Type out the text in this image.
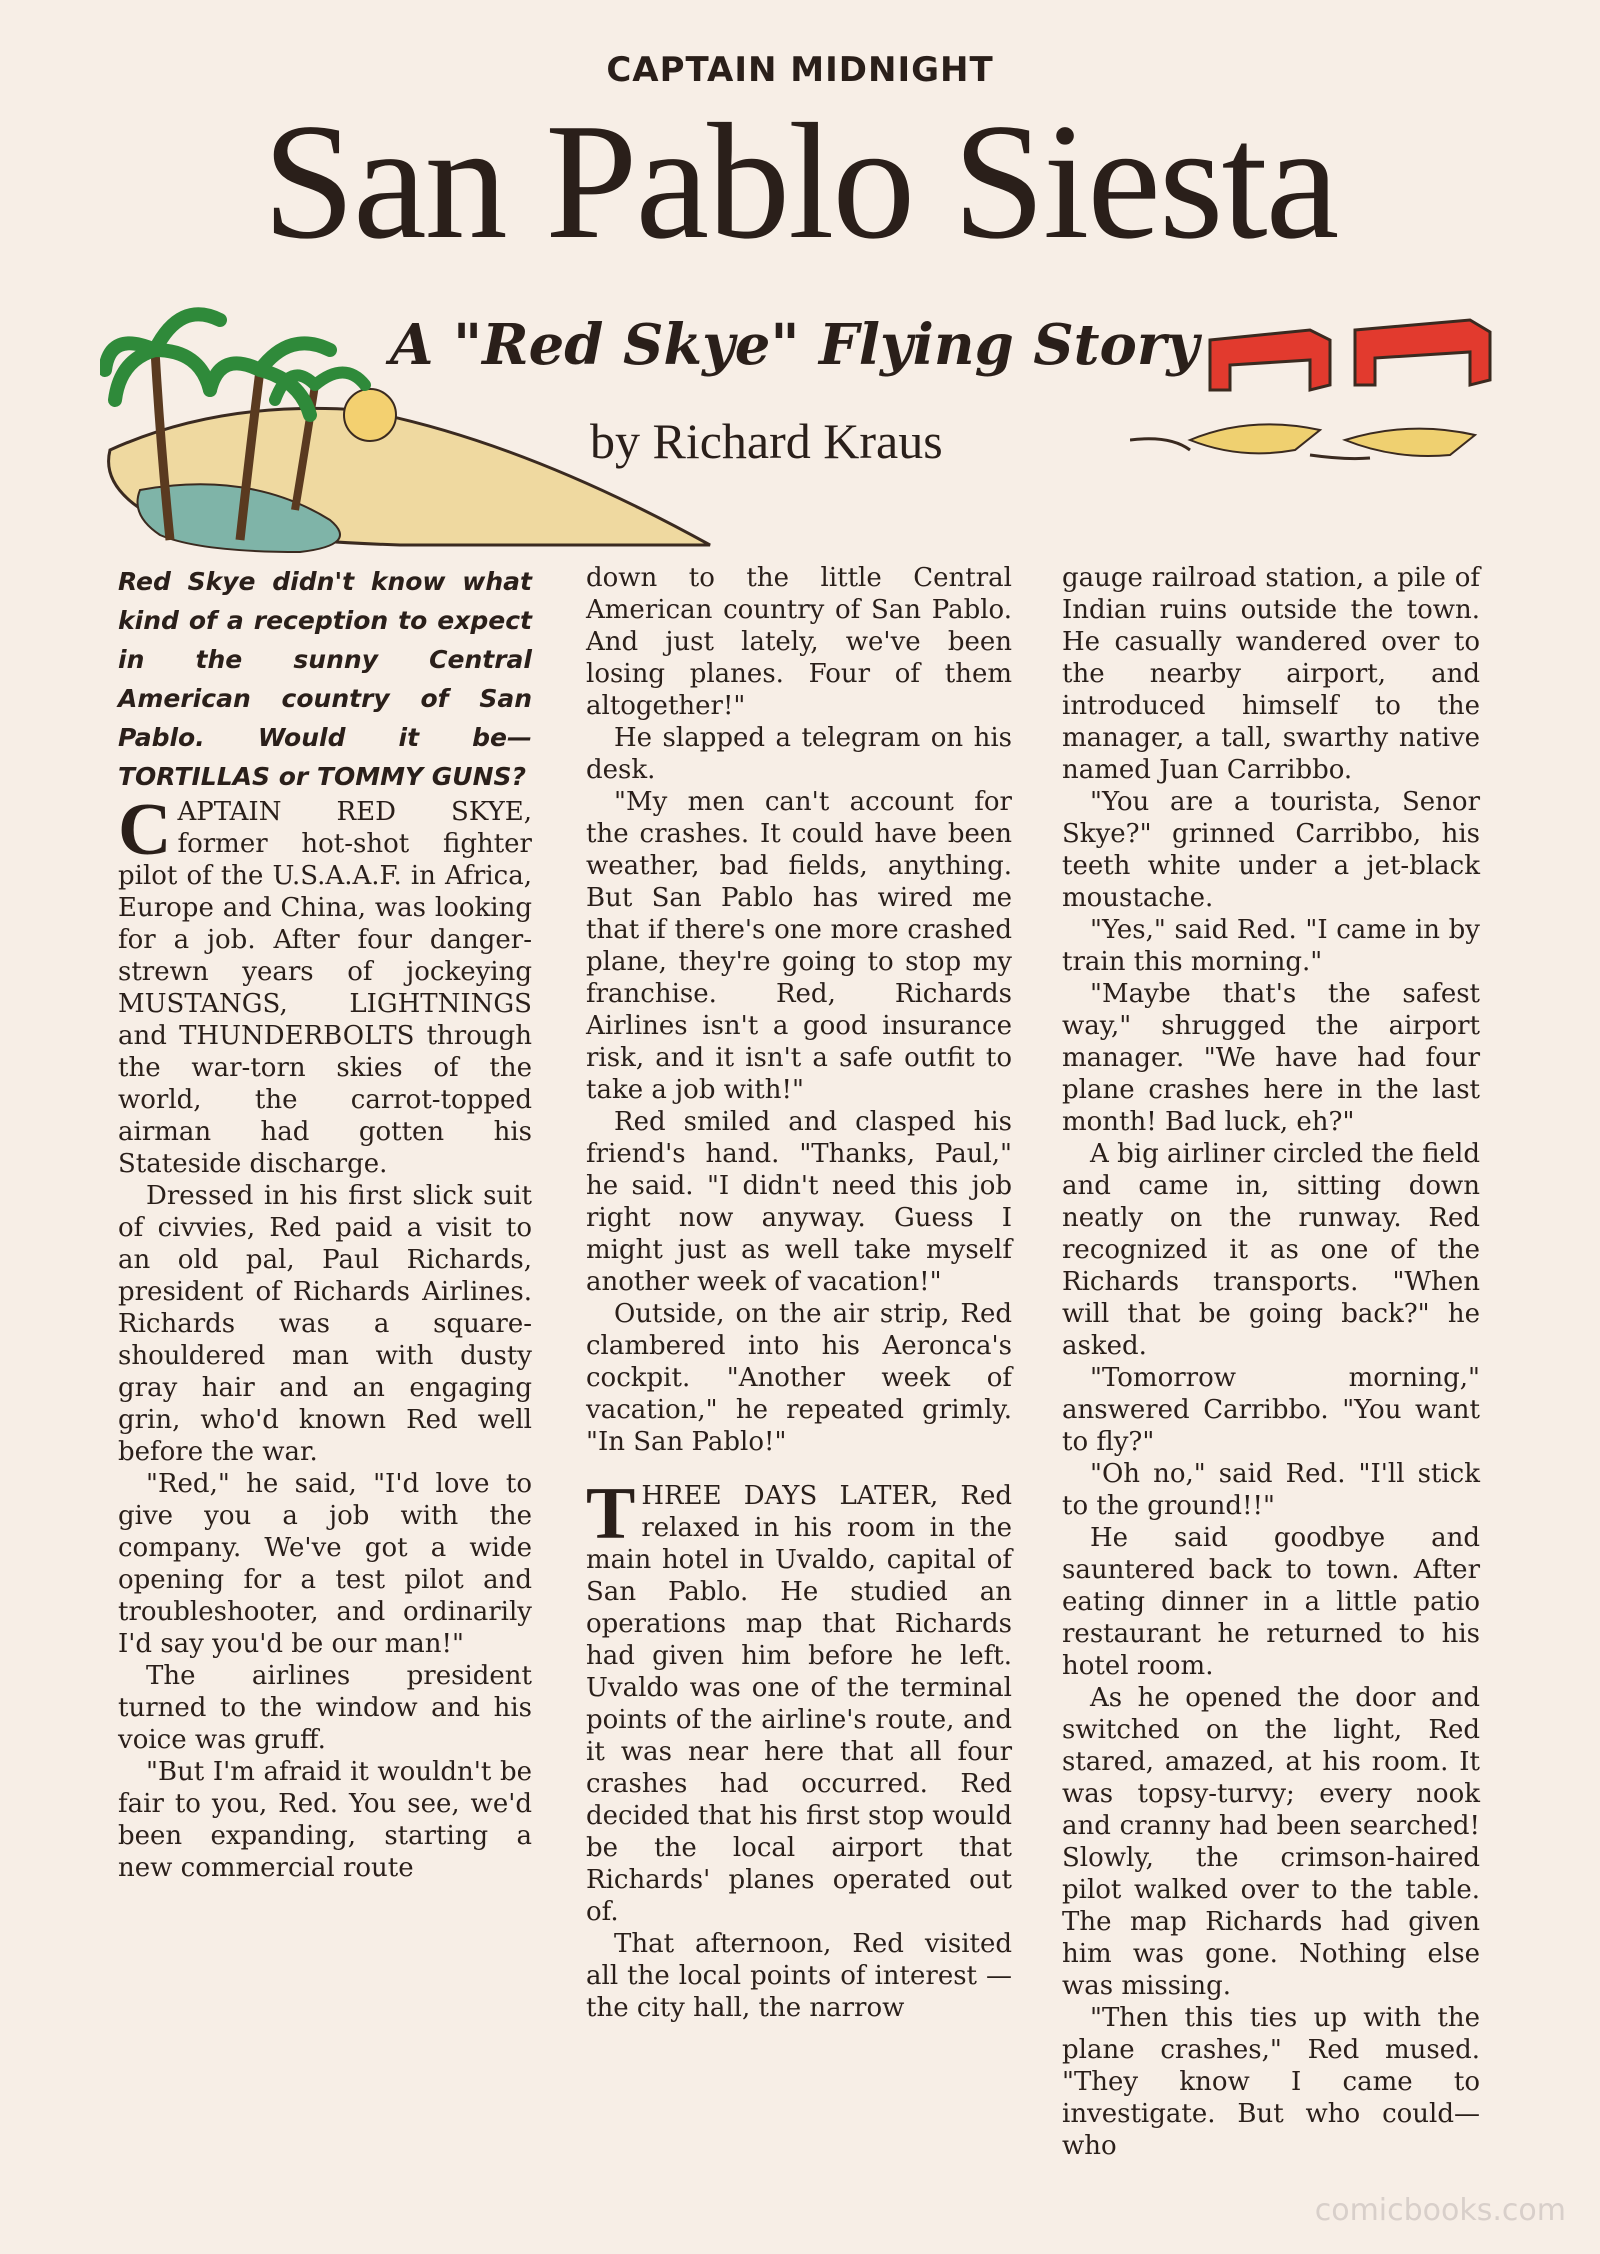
CAPTAIN MIDNIGHT
San Pablo Siesta
A "Red Skye" Flying Story
by Richard Kraus

Red Skye didn't know what kind of a reception to expect in the sunny Central American country of San Pablo. Would it be—TORTILLAS or TOMMY GUNS?

CAPTAIN RED SKYE, former hot-shot fighter pilot of the U.S.A.A.F. in Africa, Europe and China, was looking for a job. After four danger-strewn years of jockeying MUSTANGS, LIGHTNINGS and THUNDERBOLTS through the war-torn skies of the world, the carrot-topped airman had gotten his Stateside discharge.

Dressed in his first slick suit of civvies, Red paid a visit to an old pal, Paul Richards, president of Richards Airlines. Richards was a square-shouldered man with dusty gray hair and an engaging grin, who'd known Red well before the war.

"Red," he said, "I'd love to give you a job with the company. We've got a wide opening for a test pilot and troubleshooter, and ordinarily I'd say you'd be our man!"

The airlines president turned to the window and his voice was gruff.

"But I'm afraid it wouldn't be fair to you, Red. You see, we'd been expanding, starting a new commercial route

down to the little Central American country of San Pablo. And just lately, we've been losing planes. Four of them altogether!"

He slapped a telegram on his desk.

"My men can't account for the crashes. It could have been weather, bad fields, anything. But San Pablo has wired me that if there's one more crashed plane, they're going to stop my franchise. Red, Richards Airlines isn't a good insurance risk, and it isn't a safe outfit to take a job with!"

Red smiled and clasped his friend's hand. "Thanks, Paul," he said. "I didn't need this job right now anyway. Guess I might just as well take myself another week of vacation!"

Outside, on the air strip, Red clambered into his Aeronca's cockpit. "Another week of vacation," he repeated grimly. "In San Pablo!"

THREE DAYS LATER, Red relaxed in his room in the main hotel in Uvaldo, capital of San Pablo. He studied an operations map that Richards had given him before he left. Uvaldo was one of the terminal points of the airline's route, and it was near here that all four crashes had occurred. Red decided that his first stop would be the local airport that Richards' planes operated out of.

That afternoon, Red visited all the local points of interest —the city hall, the narrow

gauge railroad station, a pile of Indian ruins outside the town. He casually wandered over to the nearby airport, and introduced himself to the manager, a tall, swarthy native named Juan Carribbo.

"You are a tourista, Senor Skye?" grinned Carribbo, his teeth white under a jet-black moustache.

"Yes," said Red. "I came in by train this morning."

"Maybe that's the safest way," shrugged the airport manager. "We have had four plane crashes here in the last month! Bad luck, eh?"

A big airliner circled the field and came in, sitting down neatly on the runway. Red recognized it as one of the Richards transports. "When will that be going back?" he asked.

"Tomorrow morning," answered Carribbo. "You want to fly?"

"Oh no," said Red. "I'll stick to the ground!!"

He said goodbye and sauntered back to town. After eating dinner in a little patio restaurant he returned to his hotel room.

As he opened the door and switched on the light, Red stared, amazed, at his room. It was topsy-turvy; every nook and cranny had been searched! Slowly, the crimson-haired pilot walked over to the table. The map Richards had given him was gone. Nothing else was missing.

"Then this ties up with the plane crashes," Red mused. "They know I came to investigate. But who could—who

comicbooks.com
